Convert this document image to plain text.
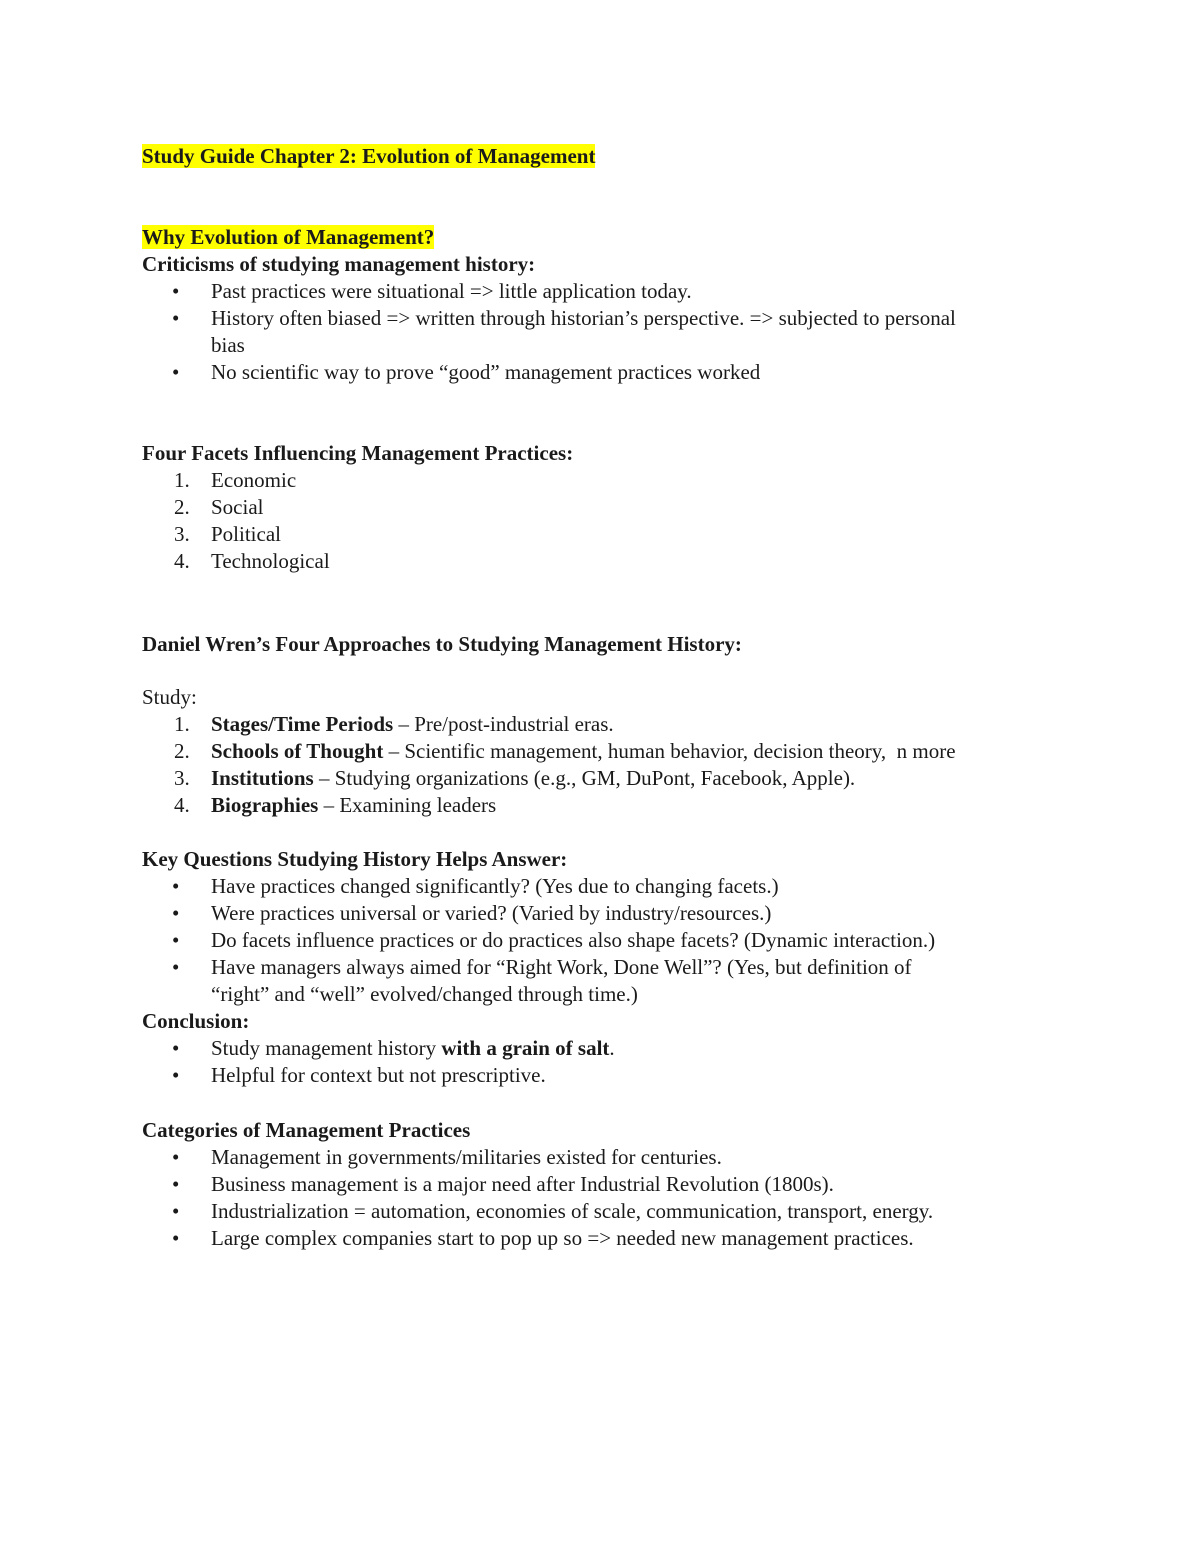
Study Guide Chapter 2: Evolution of Management
Why Evolution of Management?
Criticisms of studying management history:
•	Past practices were situational => little application today.
•	History often biased => written through historian’s perspective. => subjected to personal
bias
•	No scientific way to prove “good” management practices worked
Four Facets Influencing Management Practices:
1. Economic
2. Social
3. Political
4. Technological
Daniel Wren’s Four Approaches to Studying Management History:
Study:
1. Stages/Time Periods – Pre/post-industrial eras.
2. Schools of Thought – Scientific management, human behavior, decision theory,  n more
3. Institutions – Studying organizations (e.g., GM, DuPont, Facebook, Apple).
4. Biographies – Examining leaders
Key Questions Studying History Helps Answer:
•	Have practices changed significantly? (Yes due to changing facets.)
•	Were practices universal or varied? (Varied by industry/resources.)
•	Do facets influence practices or do practices also shape facets? (Dynamic interaction.)
•	Have managers always aimed for “Right Work, Done Well”? (Yes, but definition of
“right” and “well” evolved/changed through time.)
Conclusion:
•	Study management history with a grain of salt.
•	Helpful for context but not prescriptive.
Categories of Management Practices
•	Management in governments/militaries existed for centuries.
•	Business management is a major need after Industrial Revolution (1800s).
•	Industrialization = automation, economies of scale, communication, transport, energy.
•	Large complex companies start to pop up so => needed new management practices.
